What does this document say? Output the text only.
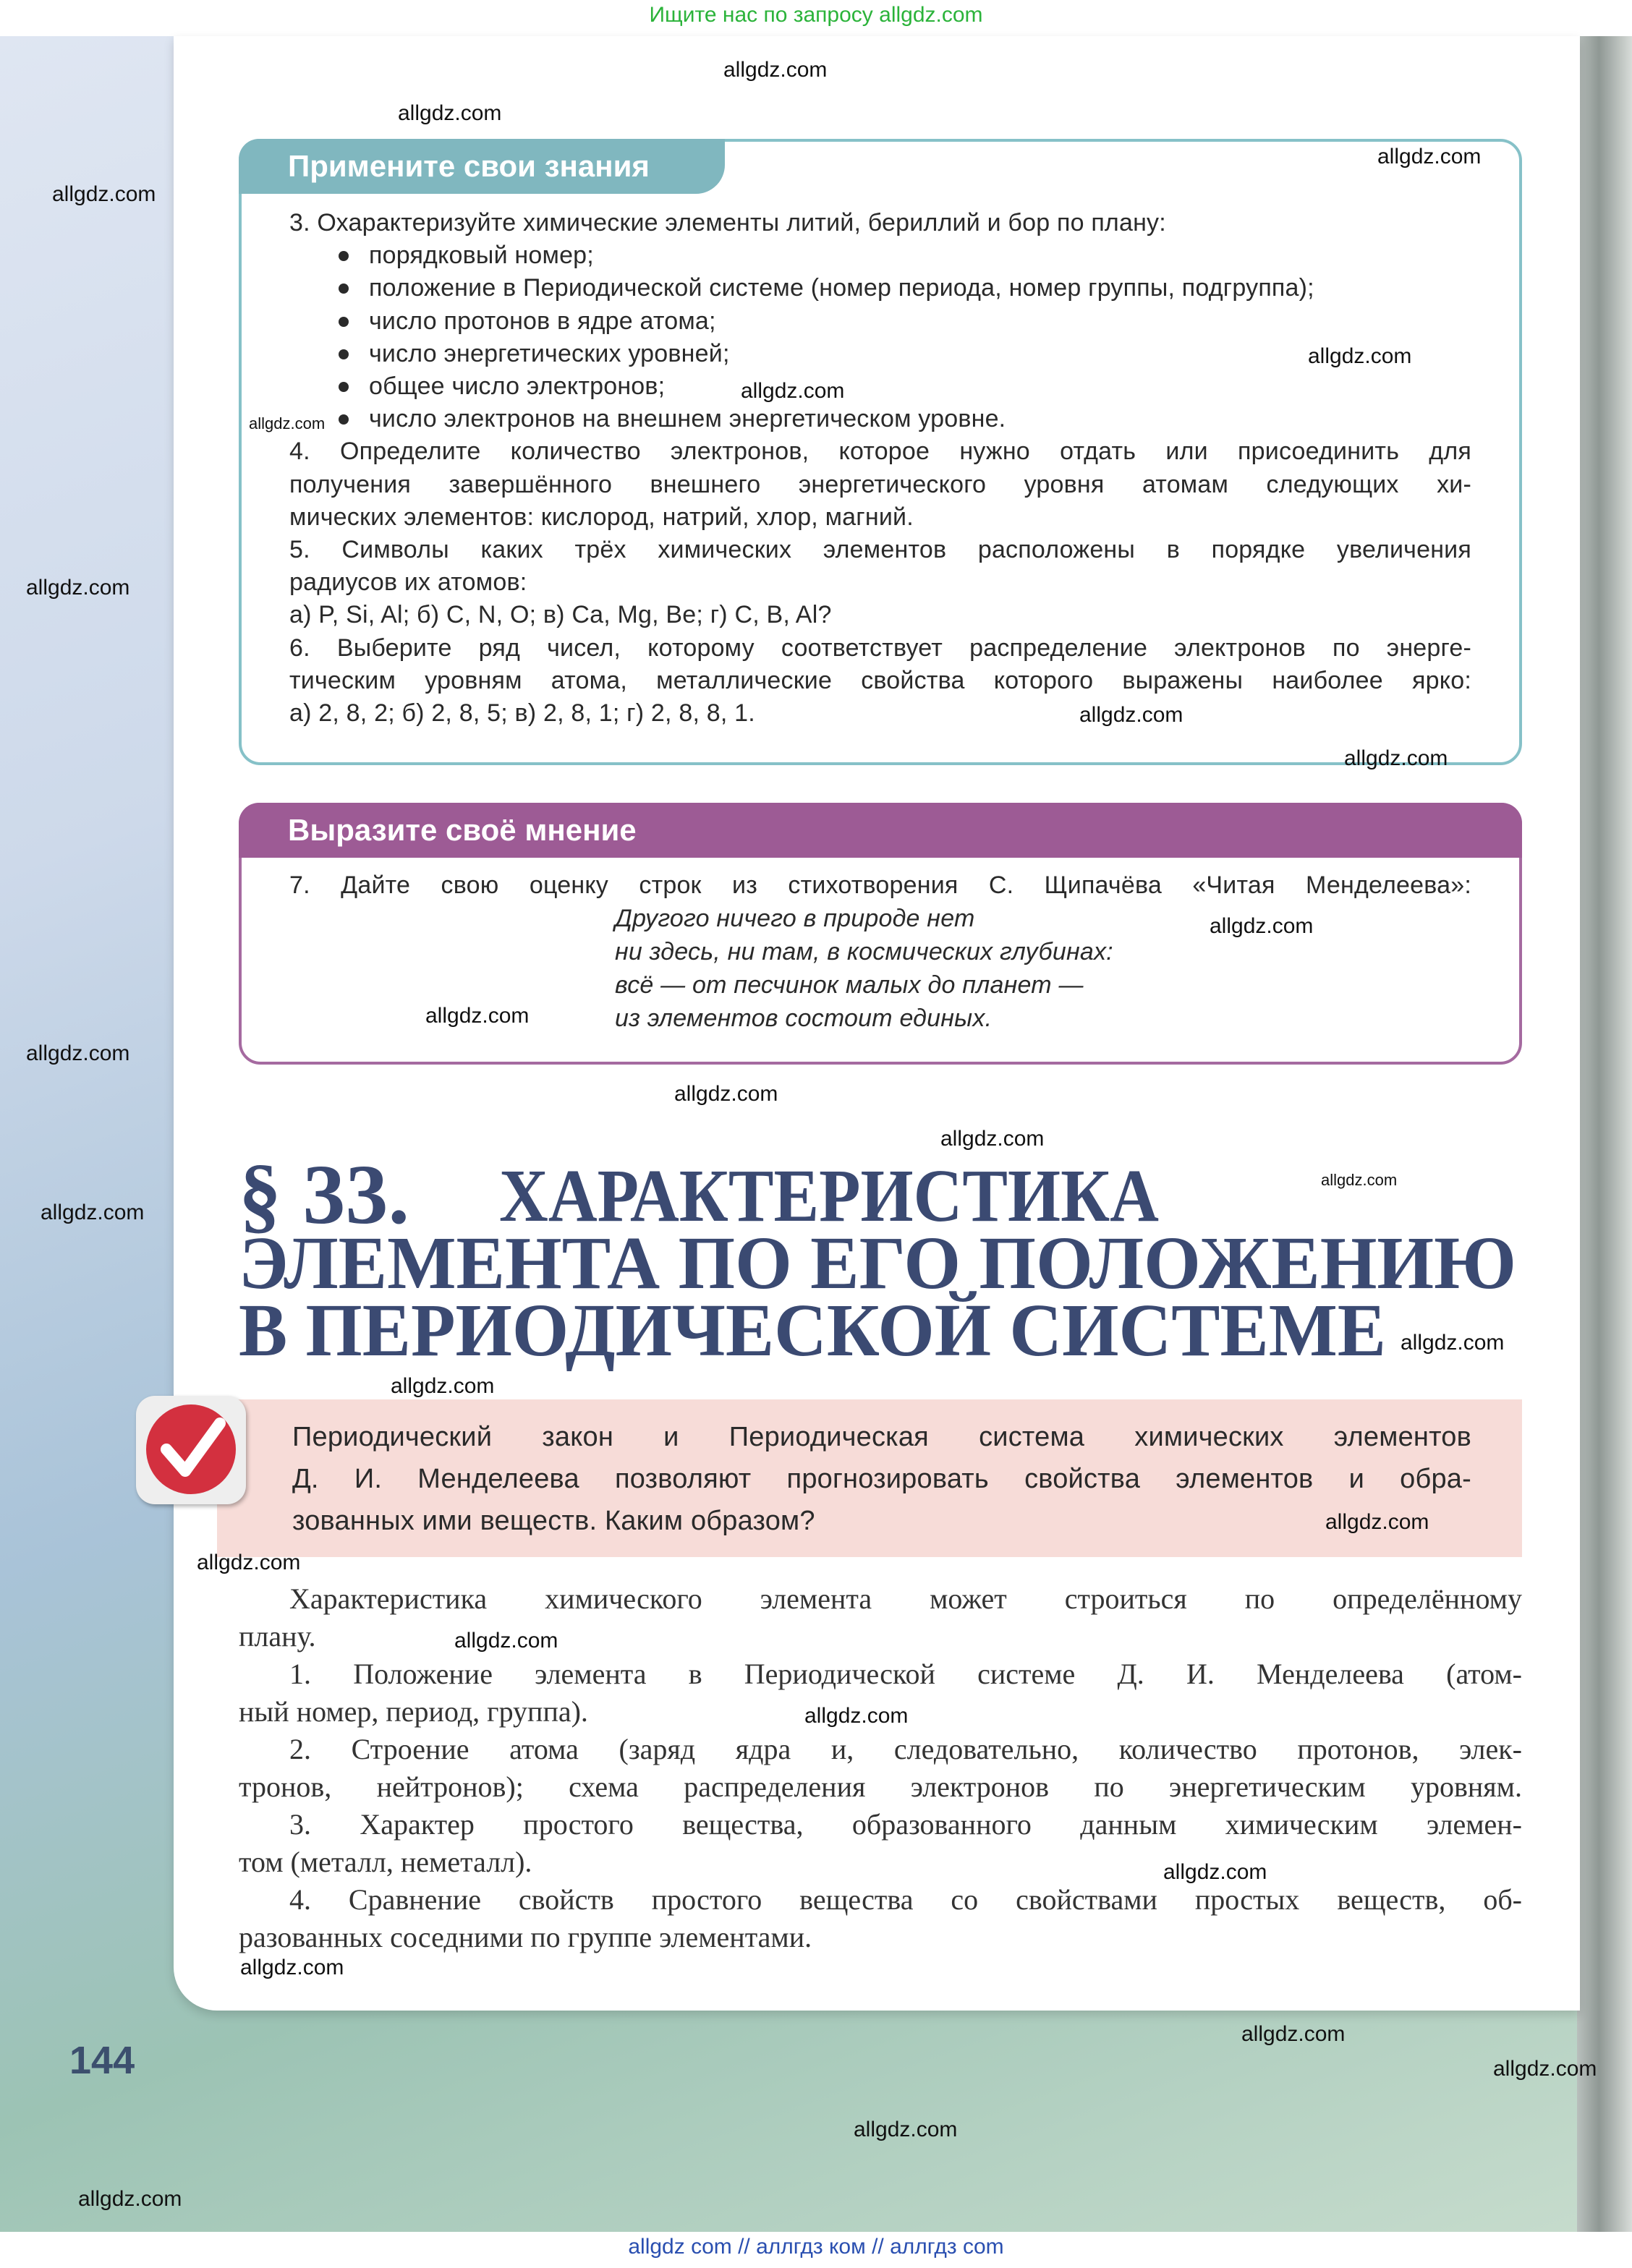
Ищите нас по запросу allgdz.com
Примените свои знания
3. Охарактеризуйте химические элементы литий, бериллий и бор по плану:
порядковый номер;
положение в Периодической системе (номер периода, номер группы, подгруппа);
число протонов в ядре атома;
число энергетических уровней;
общее число электронов;
число электронов на внешнем энергетическом уровне.
4. Определите количество электронов, которое нужно отдать или присоединить для
получения завершённого внешнего энергетического уровня атомам следующих хи-
мических элементов: кислород, натрий, хлор, магний.
5. Символы каких трёх химических элементов расположены в порядке увеличения
радиусов их атомов:
а) P, Si, Al; б) C, N, O; в) Ca, Mg, Be; г) C, B, Al?
6. Выберите ряд чисел, которому соответствует распределение электронов по энерге-
тическим уровням атома, металлические свойства которого выражены наиболее ярко:
а) 2, 8, 2; б) 2, 8, 5; в) 2, 8, 1; г) 2, 8, 8, 1.
Выразите своё мнение
7. Дайте свою оценку строк из стихотворения С. Щипачёва «Читая Менделеева»:
Другого ничего в природе нет
ни здесь, ни там, в космических глубинах:
всё — от песчинок малых до планет —
из элементов состоит единых.
§ 33. ХАРАКТЕРИСТИКА
ЭЛЕМЕНТА ПО ЕГО ПОЛОЖЕНИЮ
В ПЕРИОДИЧЕСКОЙ СИСТЕМЕ
Периодический закон и Периодическая система химических элементов
Д. И. Менделеева позволяют прогнозировать свойства элементов и обра-
зованных ими веществ. Каким образом?
Характеристика химического элемента может строиться по определённому
плану.
1. Положение элемента в Периодической системе Д. И. Менделеева (атом-
ный номер, период, группа).
2. Строение атома (заряд ядра и, следовательно, количество протонов, элек-
тронов, нейтронов); схема распределения электронов по энергетическим уровням.
3. Характер простого вещества, образованного данным химическим элемен-
том (металл, неметалл).
4. Сравнение свойств простого вещества со свойствами простых веществ, об-
разованных соседними по группе элементами.
144
allgdz com // аллгдз ком // аллгдз com
allgdz.com
allgdz.com
allgdz.com
allgdz.com
allgdz.com
allgdz.com
allgdz.com
allgdz.com
allgdz.com
allgdz.com
allgdz.com
allgdz.com
allgdz.com
allgdz.com
allgdz.com
allgdz.com
allgdz.com
allgdz.com
allgdz.com
allgdz.com
allgdz.com
allgdz.com
allgdz.com
allgdz.com
allgdz.com
allgdz.com
allgdz.com
allgdz.com
allgdz.com
